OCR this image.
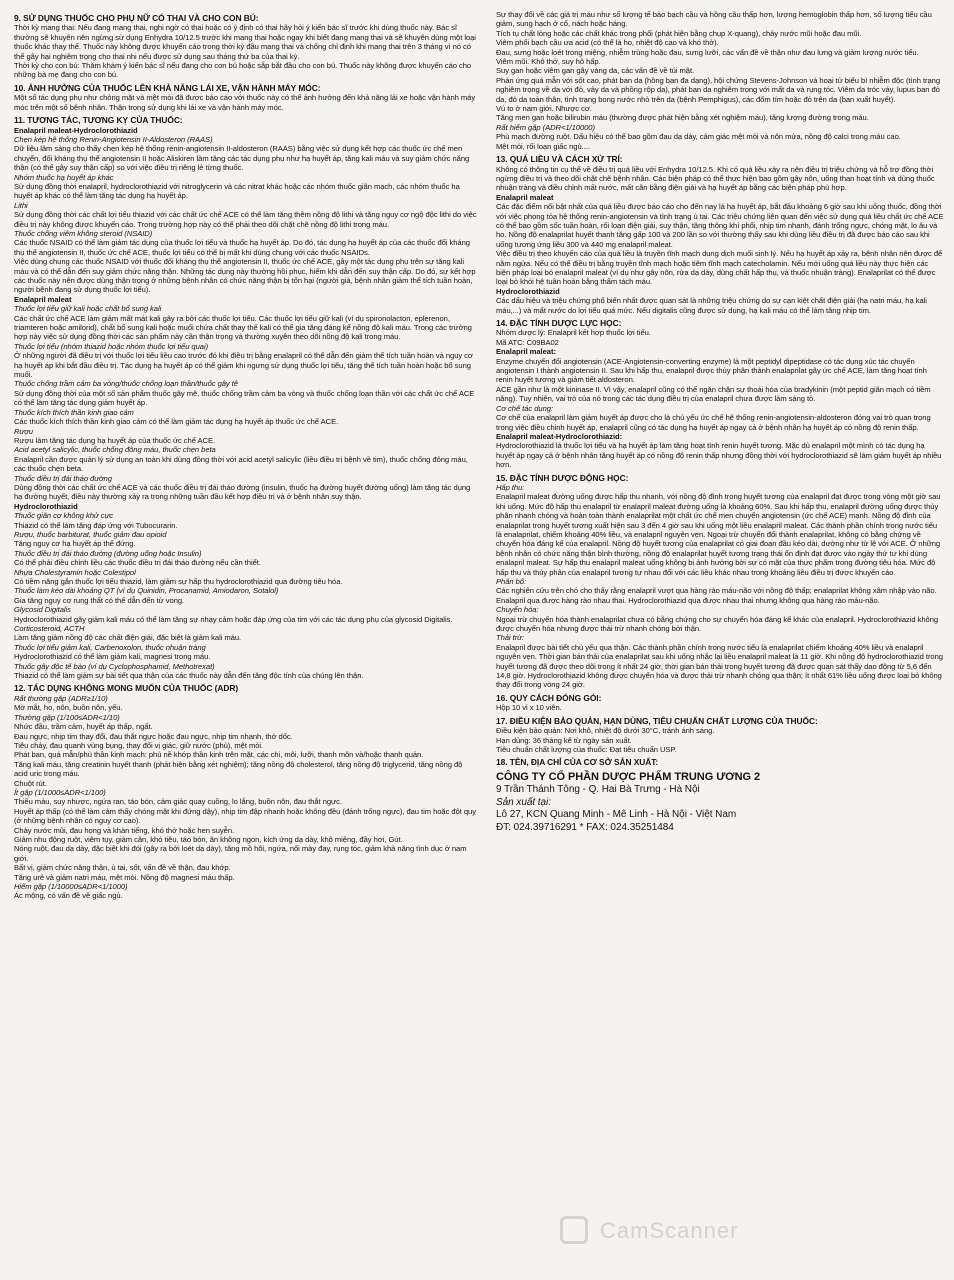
9. SỬ DỤNG THUỐC CHO PHỤ NỮ CÓ THAI VÀ CHO CON BÚ:

Thời kỳ mang thai: Nếu đang mang thai, nghi ngờ có thai hoặc có ý định có thai hãy hỏi ý kiến bác sĩ trước khi dùng thuốc này. Bác sĩ thường sẽ khuyên nên ngừng sử dụng Enhydra 10/12.5 trước khi mang thai hoặc ngay khi biết đang mang thai và sẽ khuyên dùng một loại thuốc khác thay thế. Thuốc này không được khuyến cáo trong thời kỳ đầu mang thai và chống chỉ định khi mang thai trên 3 tháng vì nó có thể gây hại nghiêm trọng cho thai nhi nếu được sử dụng sau tháng thứ ba của thai kỳ.

Thời kỳ cho con bú: Thăm khám ý kiến bác sĩ nếu đang cho con bú hoặc sắp bắt đầu cho con bú. Thuốc này không được khuyến cáo cho những bà mẹ đang cho con bú.

10. ẢNH HƯỞNG CỦA THUỐC LÊN KHẢ NĂNG LÁI XE, VẬN HÀNH MÁY MÓC:

Một số tác dụng phụ như chóng mặt và mệt mỏi đã được báo cáo với thuốc này có thể ảnh hưởng đến khả năng lái xe hoặc vận hành máy móc trên một số bệnh nhân. Thận trọng sử dụng khi lái xe và vận hành máy móc.

11. TƯƠNG TÁC, TƯƠNG KỴ CỦA THUỐC:

Enalapril maleat-Hydroclorothiazid

Chẹn kép hệ thống Renin-Angiotensin II-Aldosteron (RAAS)

Dữ liệu lâm sàng cho thấy chẹn kép hệ thống renin-angiotensin II-aldosteron (RAAS) bằng việc sử dụng kết hợp các thuốc ức chế men chuyển, đối kháng thụ thể angiotensin II hoặc Aliskiren làm tăng các tác dụng phụ như hạ huyết áp, tăng kali máu và suy giảm chức năng thận (có thể gây suy thận cấp) so với việc điều trị riêng lẻ từng thuốc.

Nhóm thuốc hạ huyết áp khác

Sử dụng đồng thời enalapril, hydroclorothiazid với nitroglycerin và các nitrat khác hoặc các nhóm thuốc giãn mạch, các nhóm thuốc hạ huyết áp khác có thể làm tăng tác dụng hạ huyết áp.

Lithi

Sử dụng đồng thời các chất lợi tiểu thiazid với các chất ức chế ACE có thể làm tăng thêm nồng độ lithi và tăng nguy cơ ngộ độc lithi do việc điều trị này không được khuyến cáo. Trong trường hợp này có thể phải theo dõi chặt chẽ nồng độ lithi trong máu.

Thuốc chống viêm không steroid (NSAID)

Các thuốc NSAID có thể làm giảm tác dụng của thuốc lợi tiểu và thuốc hạ huyết áp. Do đó, tác dụng hạ huyết áp của các thuốc đối kháng thụ thể angiotensin II, thuốc ức chế ACE, thuốc lợi tiểu có thể bị mất khi dùng chung với các thuốc NSAIDs.

Việc dùng chung các thuốc NSAID với thuốc đối kháng thụ thể angiotensin II, thuốc ức chế ACE, gây một tác dụng phụ trên sự tăng kali máu và có thể dẫn đến suy giảm chức năng thận. Những tác dụng này thường hồi phục, hiếm khi dẫn đến suy thận cấp. Do đó, sự kết hợp các thuốc này nên được dùng thận trọng ở những bệnh nhân có chức năng thận bị tổn hại (người già, bệnh nhân giảm thể tích tuần hoàn, người bệnh đang sử dụng thuốc lợi tiểu).

Enalapril maleat

Thuốc lợi tiểu giữ kali hoặc chất bổ sung kali

Các chất ức chế ACE làm giảm mất mát kali gây ra bởi các thuốc lợi tiểu. Các thuốc lợi tiểu giữ kali (ví dụ spironolacton, eplerenon, triamteren hoặc amilorid), chất bổ sung kali hoặc muối chứa chất thay thế kali có thể gia tăng đáng kể nồng độ kali máu. Trong các trường hợp này việc sử dụng đồng thời các sản phẩm này cần thận trọng và thường xuyên theo dõi nồng độ kali trong máu.

Thuốc lợi tiểu (nhóm thiazid hoặc nhóm thuốc lợi tiểu quai)

Ở những người đã điều trị với thuốc lợi tiểu liều cao trước đó khi điều trị bằng enalapril có thể dẫn đến giảm thể tích tuần hoàn và nguy cơ hạ huyết áp khi bắt đầu điều trị. Tác dụng hạ huyết áp có thể giảm khi ngưng sử dụng thuốc lợi tiểu, tăng thể tích tuần hoàn hoặc bổ sung muối.

Thuốc chống trầm cảm ba vòng/thuốc chống loạn thần/thuốc gây tê

Sử dụng đồng thời của một số sản phẩm thuốc gây mê, thuốc chống trầm cảm ba vòng và thuốc chống loạn thần với các chất ức chế ACE có thể làm tăng tác dụng giảm huyết áp.

Thuốc kích thích thần kinh giao cảm

Các thuốc kích thích thần kinh giao cảm có thể làm giảm tác dụng hạ huyết áp thuốc ức chế ACE.

Rượu

Rượu làm tăng tác dụng hạ huyết áp của thuốc ức chế ACE.

Acid acetyl salicylic, thuốc chống đông máu, thuốc chẹn beta

Enalapril cần được quản lý sử dụng an toàn khi dùng đồng thời với acid acetyl salicylic (liều điều trị bệnh về tim), thuốc chống đông máu, các thuốc chẹn beta.

Thuốc điều trị đái tháo đường

Dùng đồng thời các chất ức chế ACE và các thuốc điều trị đái tháo đường (insulin, thuốc hạ đường huyết đường uống) làm tăng tác dụng hạ đường huyết, điều này thường xảy ra trong những tuần đầu kết hợp điều trị và ở bệnh nhân suy thận.

Hydroclorothiazid

Thuốc giãn cơ không khử cực

Thiazid có thể làm tăng đáp ứng với Tubocurarin.

Rượu, thuốc barbiturat, thuốc giảm đau opioid

Tăng nguy cơ hạ huyết áp thế đứng.

Thuốc điều trị đái tháo đường (đường uống hoặc Insulin)

Có thể phải điều chỉnh liều các thuốc điều trị đái tháo đường nếu cần thiết.

Nhựa Cholestyramin hoặc Colestipol

Có tiềm năng gắn thuốc lợi tiểu thiazid, làm giảm sự hấp thu hydroclorothiazid qua đường tiêu hóa.

Thuốc làm kéo dài khoảng QT (ví dụ Quinidin, Procanamid, Amiodaron, Sotalol)

Gia tăng nguy cơ rung thất có thể dẫn đến tử vong.

Glycosid Digitalis

Hydroclorothiazid gây giảm kali máu có thể làm tăng sự nhạy cảm hoặc đáp ứng của tim với các tác dụng phụ của glycosid Digitalis.

Corticosteroid, ACTH

Làm tăng giảm nồng độ các chất điện giải, đặc biệt là giảm kali máu.

Thuốc lợi tiểu giảm kali, Carbenoxolon, thuốc nhuận tràng

Hydroclorothiazid có thể làm giảm kali, magnesi trong máu.

Thuốc gây độc tế bào (ví dụ Cyclophosphamid, Methotrexat)

Thiazid có thể làm giảm sự bài tiết qua thận của các thuốc này dẫn đến tăng độc tính của chúng lên thận.

12. TÁC DỤNG KHÔNG MONG MUỐN CỦA THUỐC (ADR)

Rất thường gặp (ADR≥1/10)

Mờ mắt, ho, nôn, buồn nôn, yếu.

Thường gặp (1/100≤ADR<1/10)

Nhức đầu, trầm cảm, huyết áp thấp, ngất.

Đau ngực, nhịp tim thay đổi, đau thắt ngực hoặc đau ngực, nhịp tim nhanh, thở dốc.

Tiêu chảy, đau quanh vùng bụng, thay đổi vị giác, giữ nước (phù), mệt mỏi.

Phát ban, quá mẫn/phù thần kinh mạch: phù nề khớp thần kinh trên mặt, các chi, môi, lưỡi, thanh môn và/hoặc thanh quản.

Tăng kali máu, tăng creatinin huyết thanh (phát hiện bằng xét nghiệm); tăng nồng độ cholesterol, tăng nồng độ triglycerid, tăng nồng độ acid uric trong máu.

Chuột rút.

Ít gặp (1/1000≤ADR<1/100)

Thiếu máu, suy nhược, ngứa ran, táo bón, cảm giác quay cuồng, lo lắng, buồn nôn, đau thắt ngực.

Huyết áp thấp (có thể làm cảm thấy chóng mặt khi đứng dậy), nhịp tim đập nhanh hoặc không đều (đánh trống ngực), đau tim hoặc đột quỵ (ở những bệnh nhân có nguy cơ cao).

Chảy nước mũi, đau họng và khàn tiếng, khó thở hoặc hen suyễn.

Giảm nhu động ruột, viêm tụy, giảm cân, khó tiêu, táo bón, ăn không ngon, kích ứng dạ dày, khô miệng, đầy hơi, Gút.

Nóng ruột, đau dạ dày, đặc biệt khi đói (gây ra bởi loét dạ dày), tăng mồ hôi, ngứa, nổi mày đay, rụng tóc, giảm khả năng tình dục ở nam giới.

Bất vị, giảm chức năng thận, ù tai, sốt, vấn đề về thận, đau khớp.

Tăng urê và giảm natri máu, mệt mỏi. Nồng độ magnesi máu thấp.

Hiếm gặp (1/10000≤ADR<1/1000)

Ác mộng, có vấn đề về giấc ngủ.

Sự thay đổi về các giá trị máu như số lượng tế bào bạch cầu và hồng cầu thấp hơn, lượng hemoglobin thấp hơn, số lượng tiểu cầu giảm, sung hạch ở cổ, nách hoặc háng.

Tích tụ chất lỏng hoặc các chất khác trong phổi (phát hiện bằng chụp X-quang), chảy nước mũi hoặc đau mũi.

Viêm phổi bạch cầu ưa acid (có thể là ho, nhiệt độ cao và khó thở).

Đau, sưng hoặc loét trong miệng, nhiễm trùng hoặc đau, sưng lưỡi, các vấn đề về thận như đau lưng và giảm lượng nước tiểu.

Viêm mũi. Khô thở, suy hô hấp.

Suy gan hoặc viêm gan gây vàng da, các vấn đề về túi mật.

Phản ứng quá mẫn với sốt cao, phát ban da (hồng ban đa dạng), hội chứng Stevens-Johnson và hoại tử biểu bì nhiễm độc (tình trạng nghiêm trọng về da với đỏ, vảy da và phồng rộp da), phát ban da nghiêm trọng với mất da và rụng tóc. Viêm da tróc vảy, lupus ban đỏ da, đỏ da toàn thân, tình trạng bong nước nhỏ trên da (bệnh Pemphigus), các đốm tím hoặc đỏ trên da (ban xuất huyết).

Vú to ở nam giới. Nhược cơ.

Tăng men gan hoặc bilirubin máu (thường được phát hiện bằng xét nghiệm máu), tăng lượng đường trong máu.

Rất hiếm gặp (ADR<1/10000)

Phù mạch đường ruột. Dấu hiệu có thể bao gồm đau dạ dày, cảm giác mệt mỏi và nôn mửa, nồng độ calci trong máu cao.

Mệt mỏi, rối loạn giấc ngủ....

13. QUÁ LIỀU VÀ CÁCH XỬ TRÍ:

Không có thông tin cụ thể về điều trị quá liều với Enhydra 10/12.5. Khi có quá liều xảy ra nên điều trị triệu chứng và hỗ trợ đồng thời ngừng điều trị và theo dõi chặt chẽ bệnh nhân. Các biện pháp có thể thực hiện bao gồm gây nôn, uống than hoạt tính và dùng thuốc nhuận tràng và điều chỉnh mất nước, mất cân bằng điện giải và hạ huyết áp bằng các biện pháp phù hợp.

Enalapril maleat

Các đặc điểm nổi bật nhất của quá liều được báo cáo cho đến nay là hạ huyết áp, bắt đầu khoảng 6 giờ sau khi uống thuốc, đồng thời với việc phong tỏa hệ thống renin-angiotensin và tình trạng ù tai. Các triệu chứng liên quan đến việc sử dụng quá liều chất ức chế ACE có thể bao gồm sốc tuần hoàn, rối loạn điện giải, suy thận, tăng thông khí phổi, nhịp tim nhanh, đánh trống ngực, chóng mặt, lo âu và ho. Nồng độ enalaprilat huyết thanh tăng gấp 100 và 200 lần so với thường thấy sau khi dùng liều điều trị đã được báo cáo sau khi uống tương ứng liều 300 và 440 mg enalapril maleat.

Việc điều trị theo khuyến cáo của quá liều là truyền tĩnh mạch dung dịch muối sinh lý. Nếu hạ huyết áp xảy ra, bệnh nhân nên được để nằm ngửa. Nếu có thể điều trị bằng truyền tĩnh mạch hoặc tiêm tĩnh mạch catecholamin. Nếu mới uống quá liều này thực hiện các biện pháp loại bỏ enalapril maleat (ví dụ như gây nôn, rửa dạ dày, dùng chất hấp thụ, và thuốc nhuận tràng). Enalaprilat có thể được loại bỏ khỏi hệ tuần hoàn bằng thẩm tách máu.

Hydroclorothiazid

Các dấu hiệu và triệu chứng phổ biến nhất được quan sát là những triệu chứng do sự cạn kiệt chất điện giải (hạ natri máu, hạ kali máu,...) và mất nước do lợi tiểu quá mức. Nếu digitalis cũng được sử dụng, hạ kali máu có thể làm tăng nhịp tim.

14. ĐẶC TÍNH DƯỢC LỰC HỌC:

Nhóm dược lý: Enalapril kết hợp thuốc lợi tiểu.

Mã ATC: C09BA02

Enalapril maleat:

Enzyme chuyển đổi angiotensin (ACE-Angiotensin-converting enzyme) là một peptidyl dipeptidase có tác dụng xúc tác chuyển angiotensin I thành angiotensin II. Sau khi hấp thu, enalapril được thủy phân thành enalaprilat gây ức chế ACE, làm tăng hoạt tính renin huyết tương và giảm tiết aldosteron.

ACE gần như là một kininase II. Vì vậy, enalapril cũng có thể ngăn chặn sự thoái hóa của bradykinin (một peptid giãn mạch có tiềm năng). Tuy nhiên, vai trò của nó trong các tác dụng điều trị của enalapril chưa được làm sáng tỏ.

Cơ chế tác dụng:

Cơ chế của enalapril làm giảm huyết áp được cho là chủ yếu ức chế hệ thống renin-angiotensin-aldosteron đóng vai trò quan trọng trong việc điều chỉnh huyết áp, enalapril cũng có tác dụng hạ huyết áp ngay cả ở bệnh nhân hạ huyết áp có nồng độ renin thấp.

Enalapril maleat-Hydroclorothiazid:

Hydroclorothiazid là thuốc lợi tiểu và hạ huyết áp làm tăng hoạt tính renin huyết tương. Mặc dù enalapril một mình có tác dụng hạ huyết áp ngay cả ở bệnh nhân tăng huyết áp có nồng độ renin thấp nhưng đồng thời với hydroclorothiazid sẽ làm giảm huyết áp nhiều hơn.

15. ĐẶC TÍNH DƯỢC ĐỘNG HỌC:

Hấp thu:

Enalapril maleat đường uống được hấp thu nhanh, với nồng độ đỉnh trong huyết tương của enalapril đạt được trong vòng một giờ sau khi uống. Mức độ hấp thu enalapril từ enalapril maleat đường uống là khoảng 60%. Sau khi hấp thu, enalapril đường uống được thủy phân nhanh chóng và hoàn toàn thành enalaprilat một chất ức chế men chuyển angiotensin (ức chế ACE) mạnh. Nồng độ đỉnh của enalaprilat trong huyết tương xuất hiện sau 3 đến 4 giờ sau khi uống một liều enalapril maleat. Các thành phần chính trong nước tiểu là enalaprilat, chiếm khoảng 40% liều, và enalapril nguyên vẹn. Ngoại trừ chuyển đổi thành enalaprilat, không có bằng chứng về chuyển hóa đáng kể của enalapril. Nồng độ huyết tương của enalaprilat có giai đoạn đầu kéo dài, dường như từ lệ với ACE. Ở những bệnh nhân có chức năng thận bình thường, nồng độ enalaprilat huyết tương trạng thái ổn định đạt được vào ngày thứ tư khi dùng enalapril maleat. Sự hấp thu enalapril maleat uống không bị ảnh hưởng bởi sự có mặt của thực phẩm trong đường tiêu hóa. Mức độ hấp thu và thủy phân của enalapril tương tự nhau đối với các liều khác nhau trong khoảng liều điều trị được khuyến cáo.

Phân bố:

Các nghiên cứu trên chó cho thấy rằng enalapril vượt qua hàng rào máu-não với nồng độ thấp; enalaprilat không xâm nhập vào não. Enalapril qua được hàng rào nhau thai. Hydroclorothiazid qua được nhau thai nhưng không qua hàng rào máu-não.

Chuyển hóa:

Ngoại trừ chuyển hóa thành enalaprilat chưa có bằng chứng cho sự chuyển hóa đáng kể khác của enalapril. Hydroclorothiazid không được chuyển hóa nhưng được thải trừ nhanh chóng bởi thận.

Thải trừ:

Enalapril được bài tiết chủ yếu qua thận. Các thành phần chính trong nước tiểu là enalaprilat chiếm khoảng 40% liều và enalapril nguyên vẹn. Thời gian bán thải của enalaprilat sau khi uống nhắc lại liều enalapril maleat là 11 giờ. Khi nồng độ hydroclorothiazid trong huyết tương đã được theo dõi trong ít nhất 24 giờ, thời gian bán thải trong huyết tương đã được quan sát thấy dao động từ 5,6 đến 14,8 giờ. Hydroclorothiazid không được chuyển hóa và được thải trừ nhanh chóng qua thận; ít nhất 61% liều uống được loại bỏ không thay đổi trong vòng 24 giờ.

16. QUY CÁCH ĐÓNG GÓI:

Hộp 10 vỉ x 10 viên.

17. ĐIỀU KIỆN BẢO QUẢN, HẠN DÙNG, TIÊU CHUẨN CHẤT LƯỢNG CỦA THUỐC:

Điều kiện bảo quản: Nơi khô, nhiệt độ dưới 30°C, tránh ánh sáng.

Hạn dùng: 36 tháng kể từ ngày sản xuất.

Tiêu chuẩn chất lượng của thuốc: Đạt tiêu chuẩn USP.

18. TÊN, ĐỊA CHỈ CỦA CƠ SỞ SẢN XUẤT:

CÔNG TY CỔ PHẦN DƯỢC PHẨM TRUNG ƯƠNG 2

9 Trần Thánh Tông - Q. Hai Bà Trưng - Hà Nội

Sản xuất tại:

Lô 27, KCN Quang Minh - Mê Linh - Hà Nội - Việt Nam

ĐT: 024.39716291 * FAX: 024.35251484

CamScanner
